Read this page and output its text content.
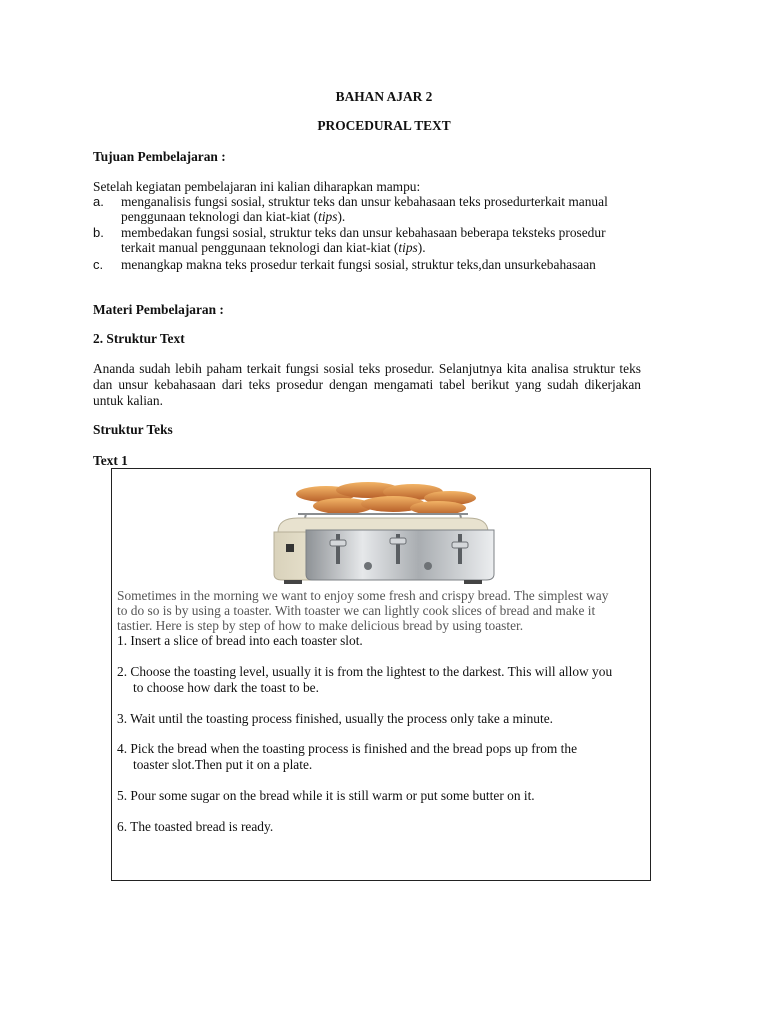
BAHAN AJAR 2
PROCEDURAL TEXT
Tujuan Pembelajaran :
Setelah kegiatan pembelajaran ini kalian diharapkan mampu:
a. menganalisis fungsi sosial, struktur teks dan unsur kebahasaan teks prosedurterkait manual
penggunaan teknologi dan kiat-kiat (tips).
b. membedakan fungsi sosial, struktur teks dan unsur kebahasaan beberapa teksteks prosedur
terkait manual penggunaan teknologi dan kiat-kiat (tips).
c. menangkap makna teks prosedur terkait fungsi sosial, struktur teks,dan unsurkebahasaan
Materi Pembelajaran :
2. Struktur Text
Ananda sudah lebih paham terkait fungsi sosial teks prosedur. Selanjutnya kita analisa struktur teks dan unsur kebahasaan dari teks prosedur dengan mengamati tabel berikut yang sudah dikerjakan untuk kalian.
Struktur Teks
Text 1
Sometimes in the morning we want to enjoy some fresh and crispy bread. The simplest way
to do so is by using a toaster. With toaster we can lightly cook slices of bread and make it
tastier. Here is step by step of how to make delicious bread by using toaster.
1. Insert a slice of bread into each toaster slot.
2. Choose the toasting level, usually it is from the lightest to the darkest. This will allow you
to choose how dark the toast to be.
3. Wait until the toasting process finished, usually the process only take a minute.
4. Pick the bread when the toasting process is finished and the bread pops up from the
toaster slot.Then put it on a plate.
5. Pour some sugar on the bread while it is still warm or put some butter on it.
6. The toasted bread is ready.
